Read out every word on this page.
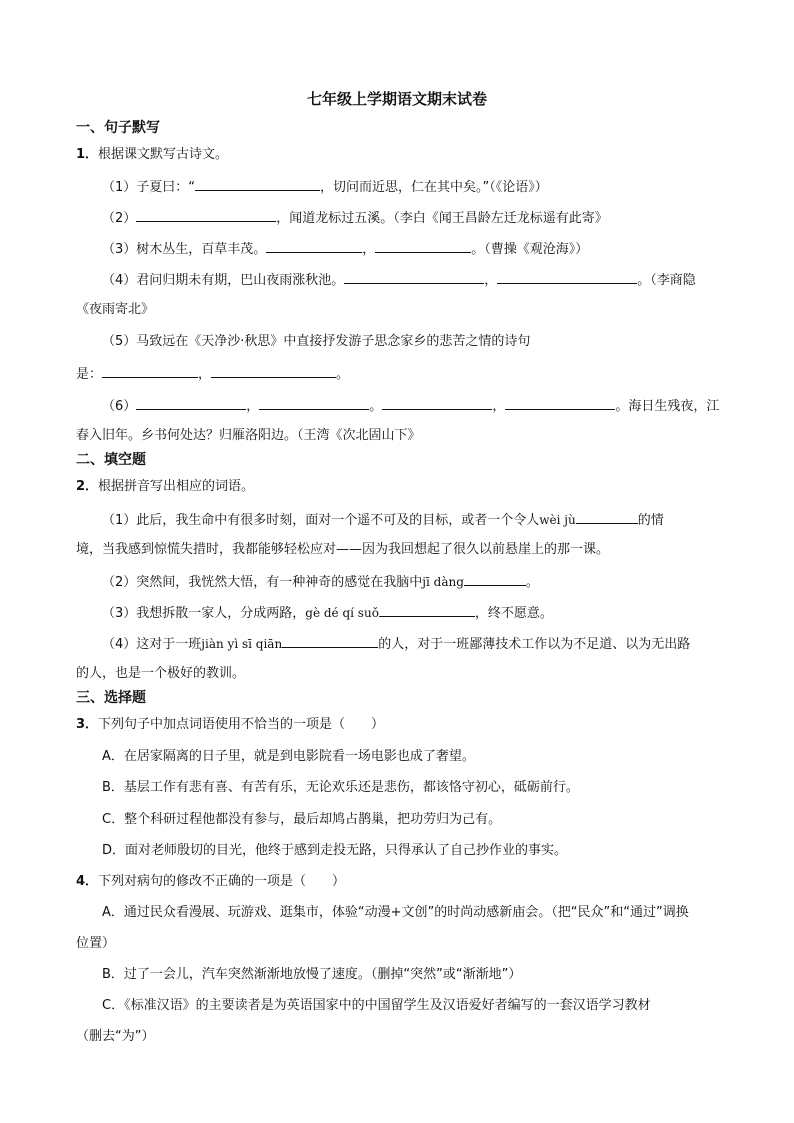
七年级上学期语文期末试卷
一、句子默写
1．根据课文默写古诗文。
（1）子夏曰：“	，切问而近思，仁在其中矣。”（《论语》）
（2）	，闻道龙标过五溪。（李白《闻王昌龄左迁龙标遥有此寄》
（3）树木丛生，百草丰茂。	，	。（曹操《观沧海》）
（4）君问归期未有期，巴山夜雨涨秋池。	，	。（李商隐
《夜雨寄北》
（5）马致远在《天净沙·秋思》中直接抒发游子思念家乡的悲苦之情的诗句
是：	，	。
（6）	，	。	，	。海日生残夜，江
春入旧年。乡书何处达？归雁洛阳边。（王湾《次北固山下》
二、填空题
2．根据拼音写出相应的词语。
（1）此后，我生命中有很多时刻，面对一个遥不可及的目标，或者一个令人wèi jù	的情
境，当我感到惊慌失措时，我都能够轻松应对——因为我回想起了很久以前悬崖上的那一课。
（2）突然间，我恍然大悟，有一种神奇的感觉在我脑中jī dàng	。
（3）我想拆散一家人，分成两路，gè dé qí suǒ	，终不愿意。
（4）这对于一班jiàn yì sī qiān	的人，对于一班鄙薄技术工作以为不足道、以为无出路
的人，也是一个极好的教训。
三、选择题
3．下列句子中加点词语使用不恰当的一项是（　　）
A．在居家隔离的日子里，就是到电影院看一场电影也成了奢望。
B．基层工作有悲有喜、有苦有乐，无论欢乐还是悲伤，都该恪守初心，砥砺前行。
C．整个科研过程他都没有参与，最后却鸠占鹊巢，把功劳归为己有。
D．面对老师殷切的目光，他终于感到走投无路，只得承认了自己抄作业的事实。
4．下列对病句的修改不正确的一项是（　　）
A．通过民众看漫展、玩游戏、逛集市，体验“动漫+文创”的时尚动感新庙会。（把“民众”和“通过”调换
位置）
B．过了一会儿，汽车突然渐渐地放慢了速度。（删掉“突然”或“渐渐地”）
C．《标准汉语》的主要读者是为英语国家中的中国留学生及汉语爱好者编写的一套汉语学习教材
（删去“为”）
